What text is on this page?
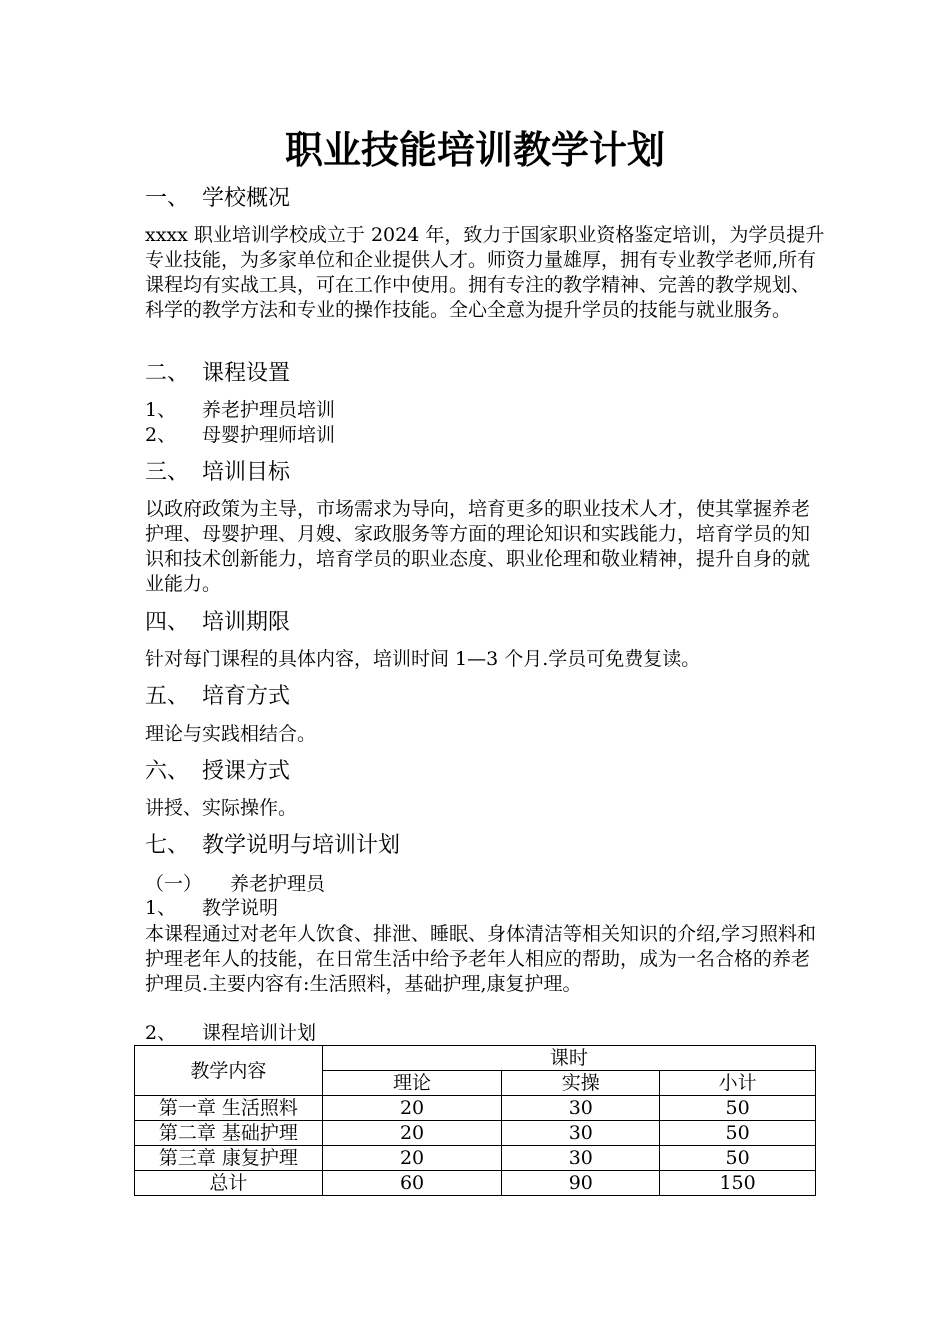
职业技能培训教学计划
一、 学校概况
xxxx 职业培训学校成立于 2024 年，致力于国家职业资格鉴定培训，为学员提升专业技能，为多家单位和企业提供人才。师资力量雄厚，拥有专业教学老师,所有课程均有实战工具，可在工作中使用。拥有专注的教学精神、完善的教学规划、科学的教学方法和专业的操作技能。全心全意为提升学员的技能与就业服务。
二、 课程设置
1、 养老护理员培训
2、 母婴护理师培训
三、 培训目标
以政府政策为主导，市场需求为导向，培育更多的职业技术人才，使其掌握养老护理、母婴护理、月嫂、家政服务等方面的理论知识和实践能力，培育学员的知识和技术创新能力，培育学员的职业态度、职业伦理和敬业精神，提升自身的就业能力。
四、 培训期限
针对每门课程的具体内容，培训时间 1—3 个月.学员可免费复读。
五、 培育方式
理论与实践相结合。
六、 授课方式
讲授、实际操作。
七、 教学说明与培训计划
（一） 养老护理员
1、 教学说明
本课程通过对老年人饮食、排泄、睡眠、身体清洁等相关知识的介绍,学习照料和护理老年人的技能，在日常生活中给予老年人相应的帮助，成为一名合格的养老护理员.主要内容有:生活照料，基础护理,康复护理。
2、 课程培训计划
教学内容	课时		
	理论	实操	小计
第一章 生活照料	20	30	50
第二章 基础护理	20	30	50
第三章 康复护理	20	30	50
总计	60	90	150
